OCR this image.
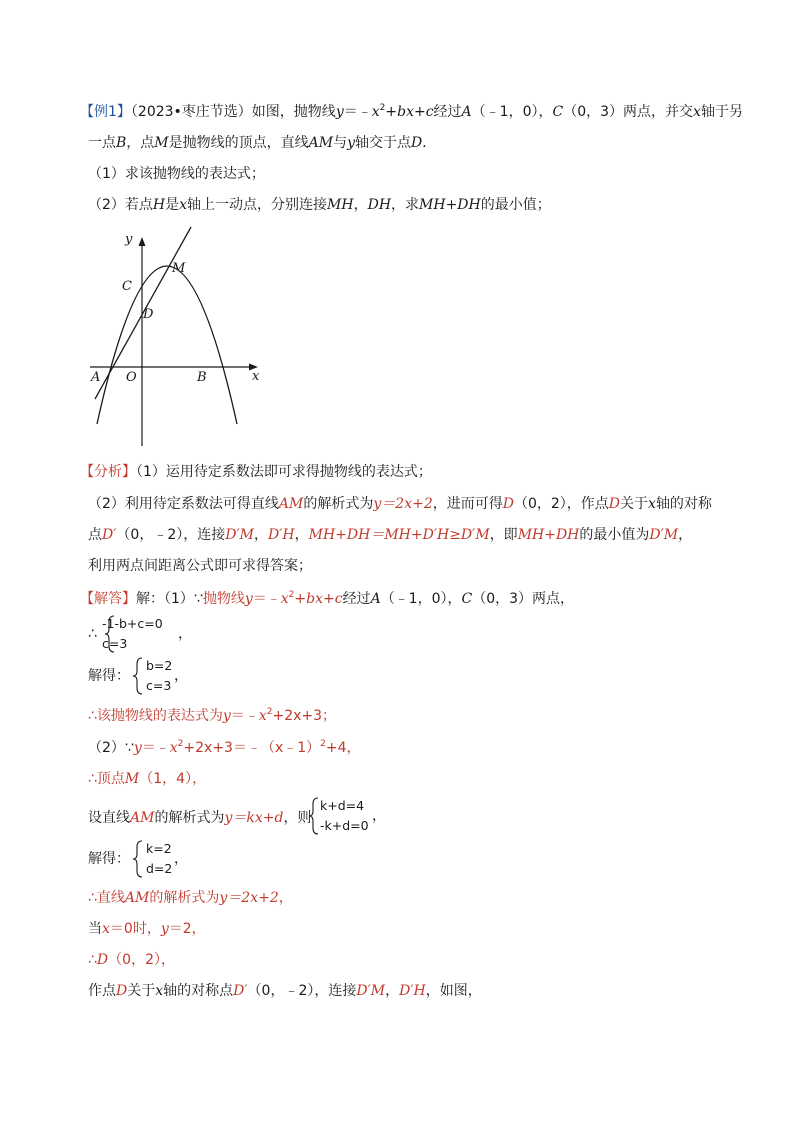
【例1】（2023•枣庄节选）如图，抛物线$y=﹣x^2+bx+c$经过A（﹣1，0），C（0，3）两点，并交x轴于另
一点B，点M是抛物线的顶点，直线AM与y轴交于点D．
（1）求该抛物线的表达式；
（2）若点H是x轴上一动点，分别连接MH，DH，求MH+DH的最小值；
y
x
O
A	B
C
D
M
【分析】（1）运用待定系数法即可求得抛物线的表达式；
（2）利用待定系数法可得直线AM的解析式为y＝2x+2，进而可得D（0，2），作点D关于x轴的对称
点D′（0，﹣2），连接D′M，D′H，MH+DH＝MH+D′H≥D′M，即MH+DH的最小值为D′M，
利用两点间距离公式即可求得答案；
【解答】解：（1）∵抛物线$y=﹣x^2+bx+c$经过A（﹣1，0），C（0，3）两点，
∴
-1-b+c=0
c=3
，
解得：
b=2
c=3
，
∴该抛物线的表达式为$y=﹣x^2+2x+3$；
$(2)\because y=﹣x^2+2x+3=﹣(x﹣1)^2+4$，
∴顶点M（1，4），
设直线AM的解析式为y＝kx+d，则
k+d=4
-k+d=0
，
解得：
k=2
d=2
，
∴直线AM的解析式为y＝2x+2，
当x＝0时，y＝2，
∴D（0，2），
作点D关于x轴的对称点D′（0，﹣2），连接D′M，D′H，如图，
